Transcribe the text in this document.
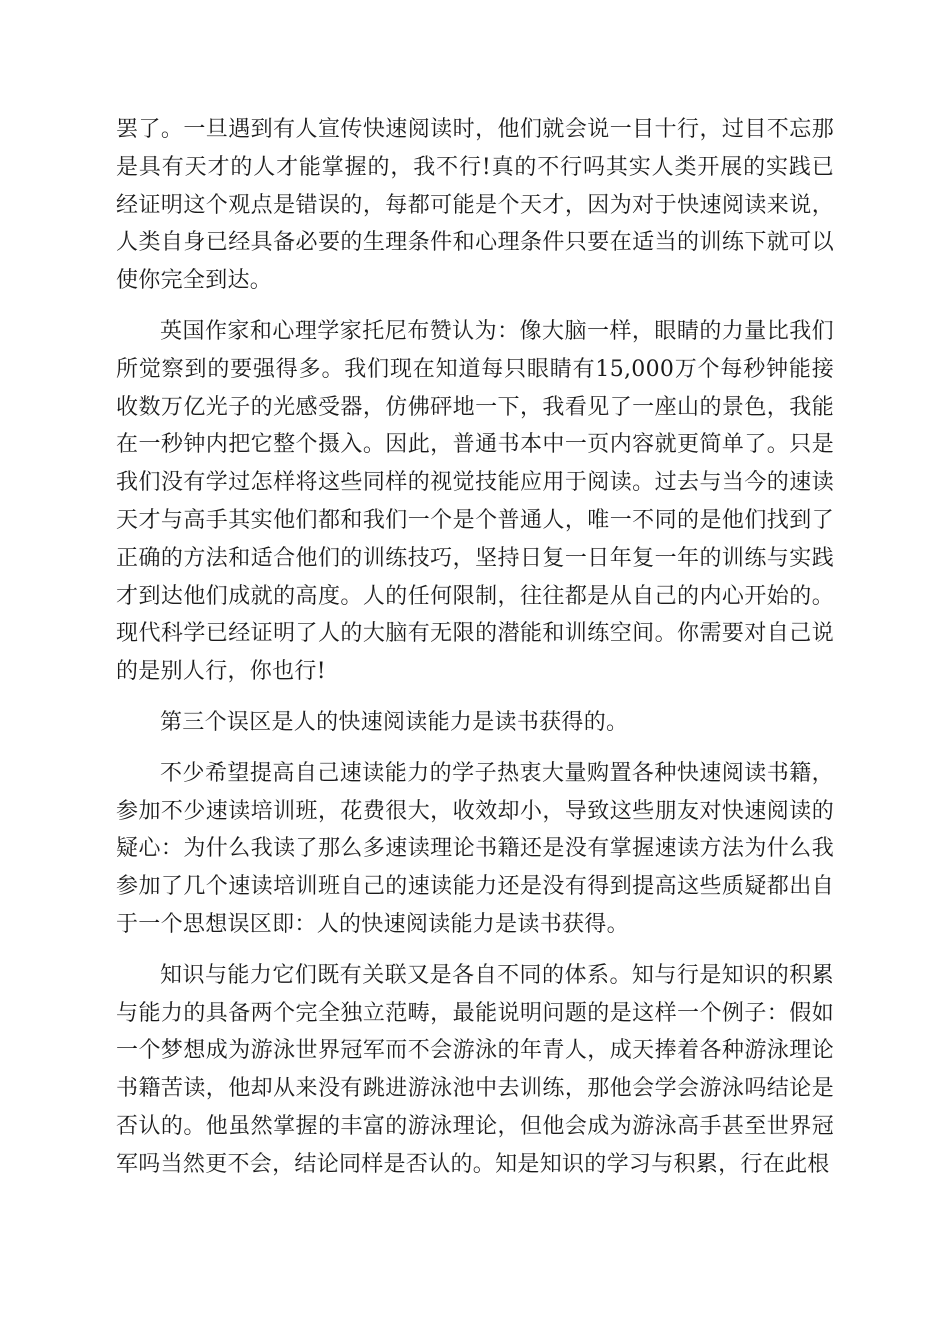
罢了。一旦遇到有人宣传快速阅读时，他们就会说一目十行，过目不忘那是具有天才的人才能掌握的，我不行!真的不行吗其实人类开展的实践已经证明这个观点是错误的，每都可能是个天才，因为对于快速阅读来说，人类自身已经具备必要的生理条件和心理条件只要在适当的训练下就可以使你完全到达。

英国作家和心理学家托尼布赞认为：像大脑一样，眼睛的力量比我们所觉察到的要强得多。我们现在知道每只眼睛有15,000万个每秒钟能接收数万亿光子的光感受器，仿佛砰地一下，我看见了一座山的景色，我能在一秒钟内把它整个摄入。因此，普通书本中一页内容就更简单了。只是我们没有学过怎样将这些同样的视觉技能应用于阅读。过去与当今的速读天才与高手其实他们都和我们一个是个普通人，唯一不同的是他们找到了正确的方法和适合他们的训练技巧，坚持日复一日年复一年的训练与实践才到达他们成就的高度。人的任何限制，往往都是从自己的内心开始的。现代科学已经证明了人的大脑有无限的潜能和训练空间。你需要对自己说的是别人行，你也行!

第三个误区是人的快速阅读能力是读书获得的。

不少希望提高自己速读能力的学子热衷大量购置各种快速阅读书籍，参加不少速读培训班，花费很大，收效却小，导致这些朋友对快速阅读的疑心：为什么我读了那么多速读理论书籍还是没有掌握速读方法为什么我参加了几个速读培训班自己的速读能力还是没有得到提高这些质疑都出自于一个思想误区即：人的快速阅读能力是读书获得。

知识与能力它们既有关联又是各自不同的体系。知与行是知识的积累与能力的具备两个完全独立范畴，最能说明问题的是这样一个例子：假如一个梦想成为游泳世界冠军而不会游泳的年青人，成天捧着各种游泳理论书籍苦读，他却从来没有跳进游泳池中去训练，那他会学会游泳吗结论是否认的。他虽然掌握的丰富的游泳理论，但他会成为游泳高手甚至世界冠军吗当然更不会，结论同样是否认的。知是知识的学习与积累，行在此根
